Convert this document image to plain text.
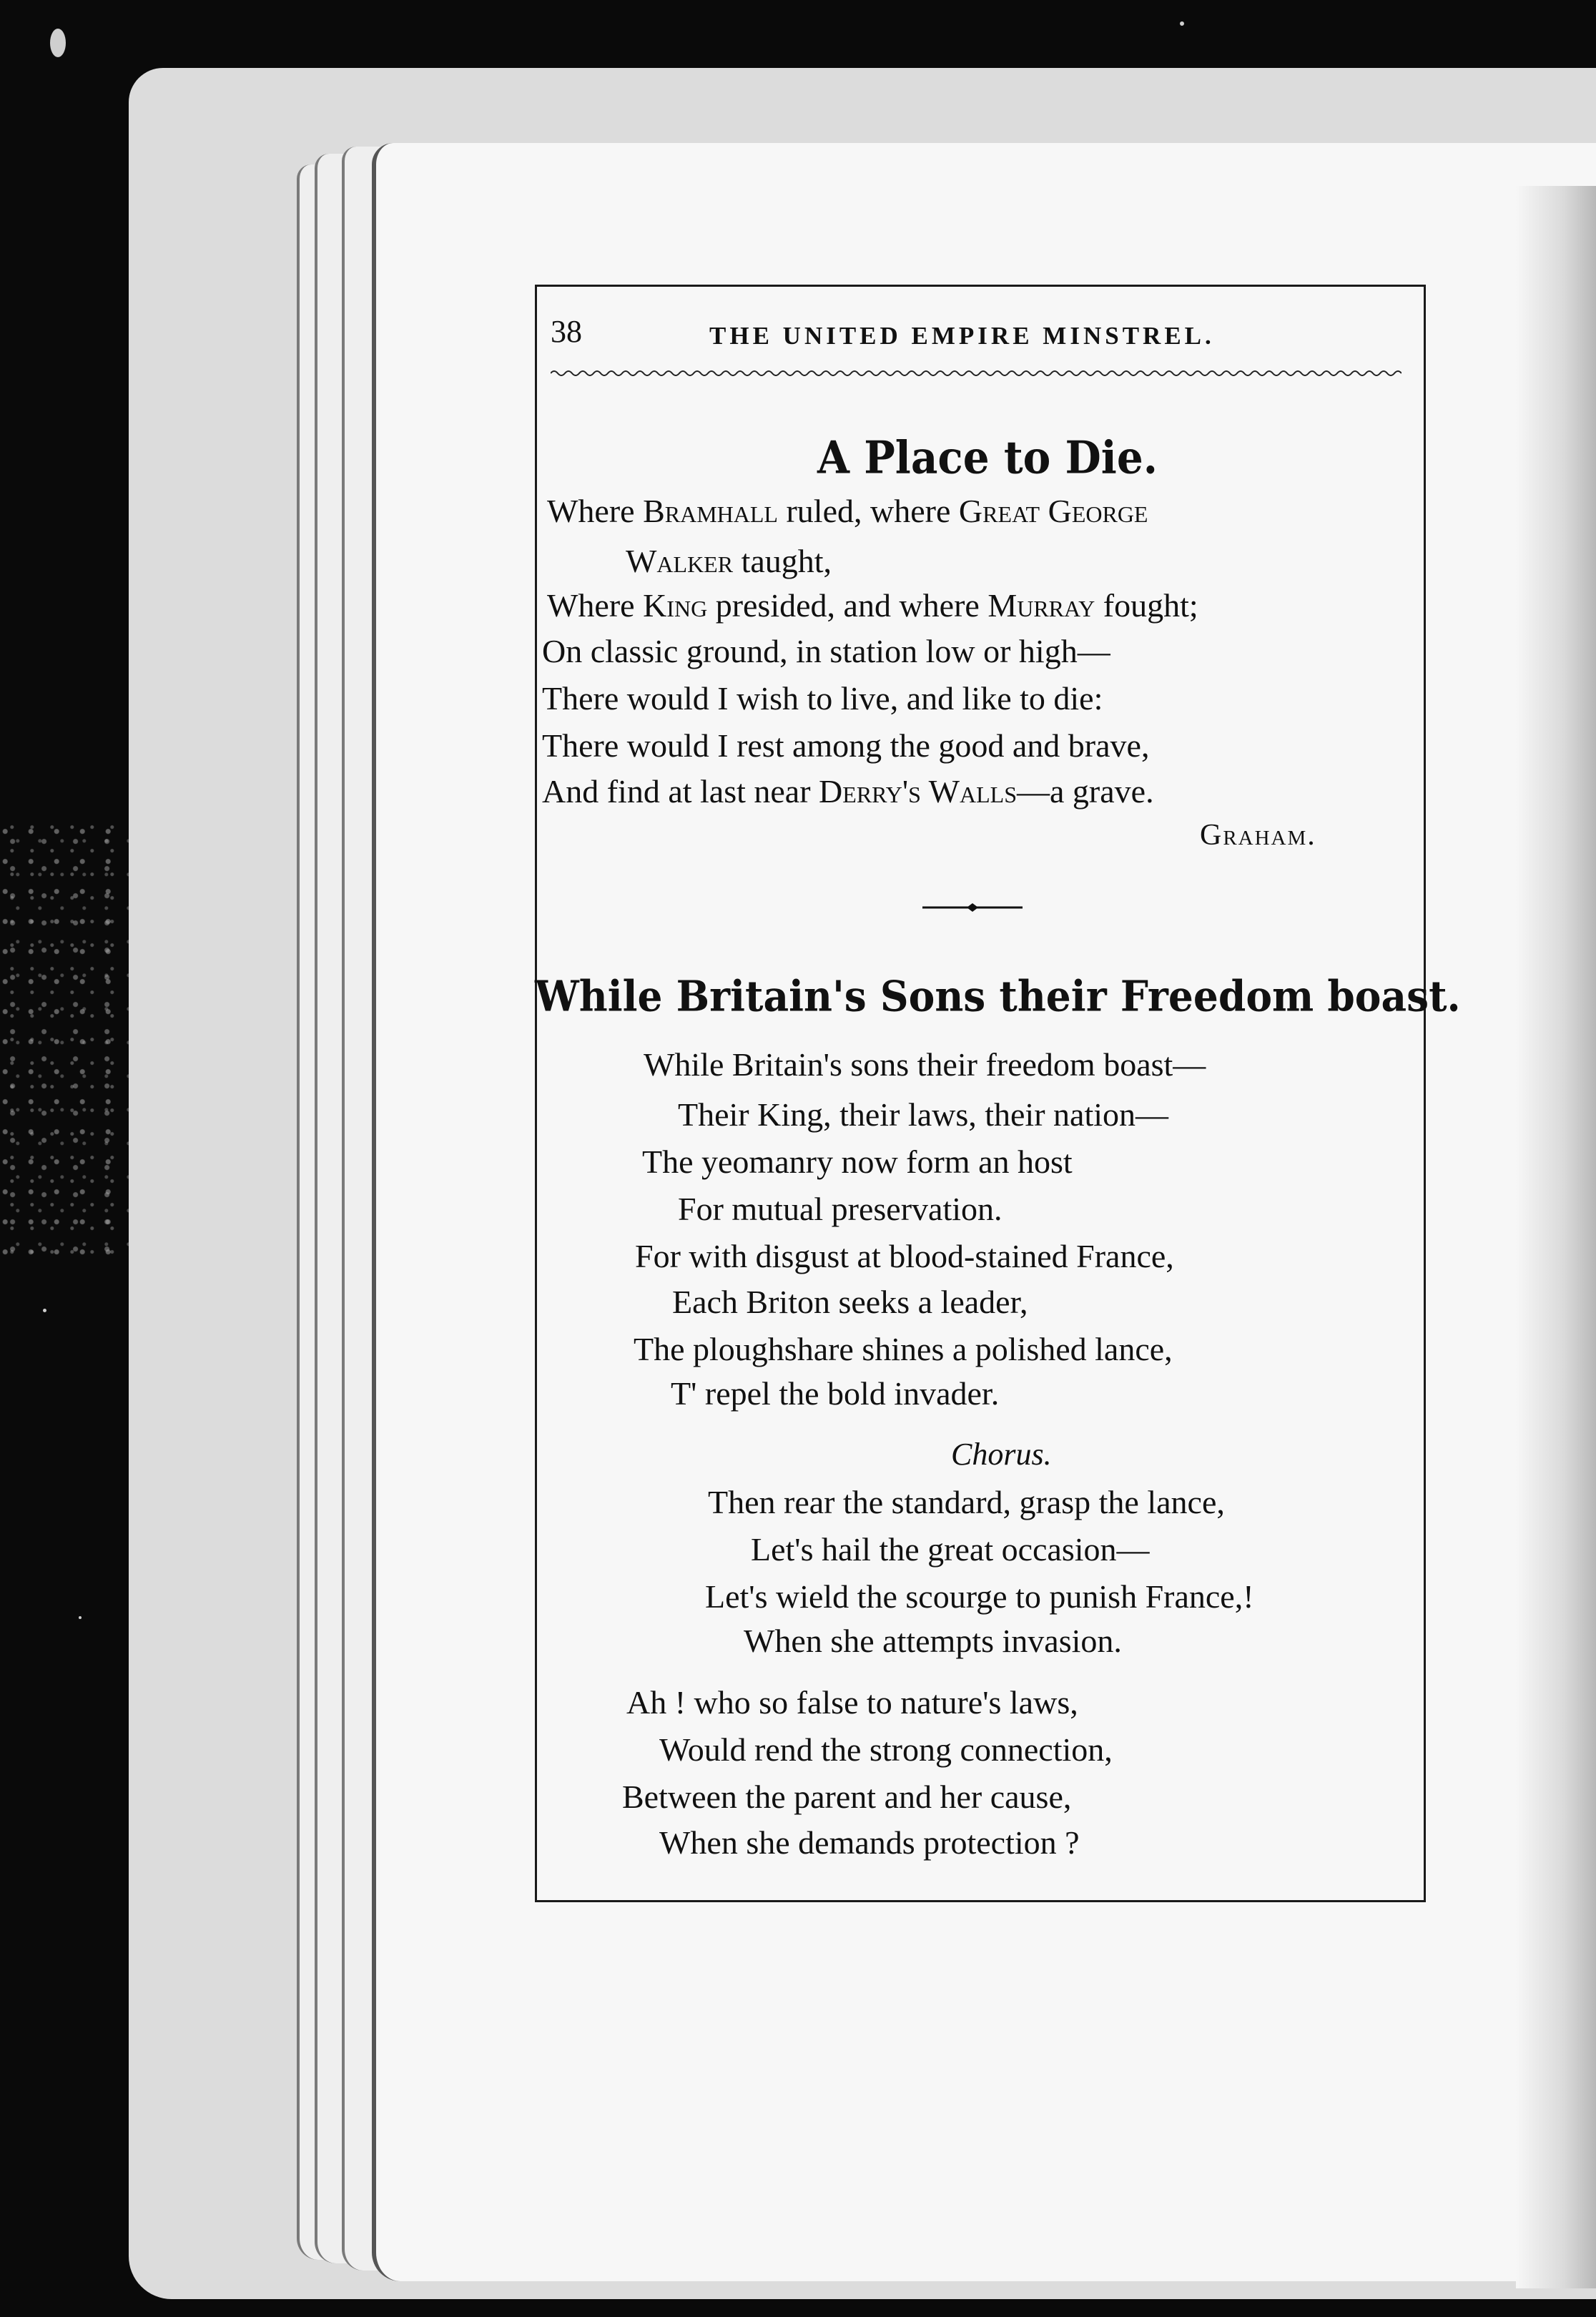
38	THE UNITED EMPIRE MINSTREL.
A Place to Die.
Where Bramhall ruled, where Great George
Walker taught,
Where King presided, and where Murray fought;
On classic ground, in station low or high—
There would I wish to live, and like to die:
There would I rest among the good and brave,
And find at last near Derry's Walls—a grave.
Graham.
While Britain's Sons their Freedom boast.
While Britain's sons their freedom boast—
Their King, their laws, their nation—
The yeomanry now form an host
For mutual preservation.
For with disgust at blood-stained France,
Each Briton seeks a leader,
The ploughshare shines a polished lance,
T' repel the bold invader.
Chorus.
Then rear the standard, grasp the lance,
Let's hail the great occasion—
Let's wield the scourge to punish France,!
When she attempts invasion.
Ah ! who so false to nature's laws,
Would rend the strong connection,
Between the parent and her cause,
When she demands protection ?
